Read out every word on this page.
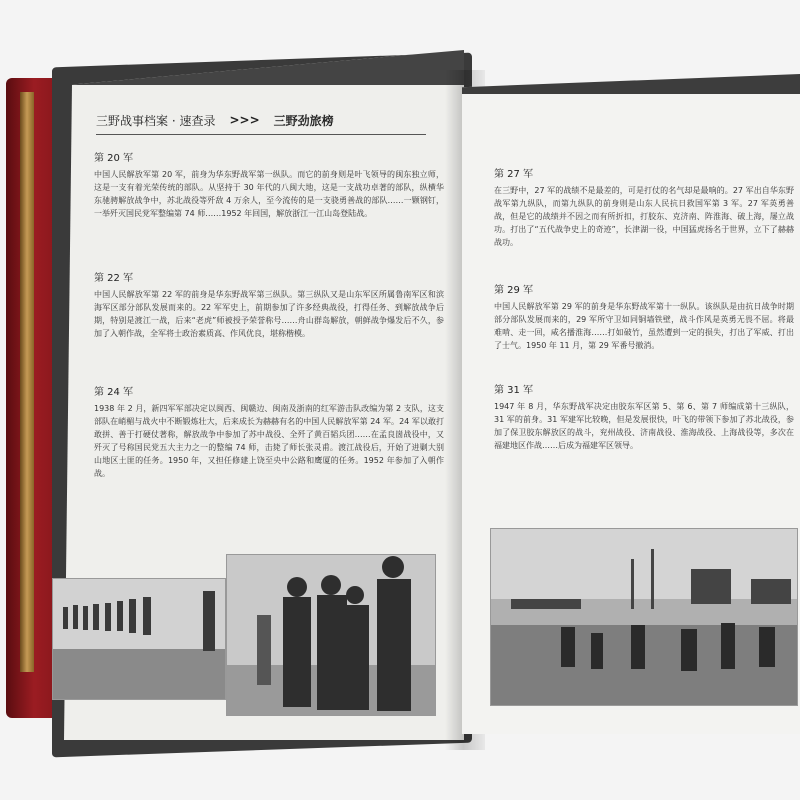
三野战事档案 · 速查录 >>> 三野劲旅榜
第 20 军
中国人民解放军第 20 军，前身为华东野战军第一纵队。而它的前身则是叶飞领导的闽东独立师，这是一支有着光荣传统的部队。从坚持于 30 年代的八闽大地，这是一支战功卓著的部队，纵横华东驰骋解放战争中，苏北战役等歼敌 4 万余人，至今流传的是一支骁勇善战的部队……一颗钢钉，一举歼灭国民党军整编第 74 师……1952 年回国，解放浙江一江山岛登陆战。
第 22 军
中国人民解放军第 22 军的前身是华东野战军第三纵队。第三纵队又是山东军区所属鲁南军区和滨海军区部分部队发展而来的。22 军军史上，前期参加了许多经典战役，打得任务、到解放战争后期，特别是渡江一战，后来“老虎”师被授予荣誉称号……舟山群岛解放，朝鲜战争爆发后不久，参加了入朝作战，全军将士政治素质高、作风优良，堪称楷模。
第 24 军
1938 年 2 月，新四军军部决定以闽西、闽赣边、闽南及浙南的红军游击队改编为第 2 支队，这支部队在峭楣与战火中不断锻炼壮大，后来成长为赫赫有名的中国人民解放军第 24 军。24 军以敢打敢拼、善于打硬仗著称，解放战争中参加了苏中战役、全歼了黄百韬兵团……在孟良崮战役中，又歼灭了号称国民党五大主力之一的整编 74 师，击毙了师长张灵甫。渡江战役后，开始了进剿大别山地区土匪的任务。1950 年，又担任修建上饶至央中公路和鹰厦的任务。1952 年参加了入朝作战。
第 27 军
在三野中，27 军的战绩不是最差的，可是打仗的名气却是最响的。27 军出自华东野战军第九纵队，而第九纵队的前身则是山东人民抗日救国军第 3 军。27 军英勇善战，但是它的战绩并不因之而有所折扣，打胶东、克济南、阵淮海、破上海，屡立战功。打出了“五代战争史上的奇迹”，长津湖一役，中国猛虎扬名于世界，立下了赫赫战功。
第 29 军
中国人民解放军第 29 军的前身是华东野战军第十一纵队。该纵队是由抗日战争时期部分部队发展而来的，29 军所守卫如同铜墙铁壁，战斗作风是英勇无畏不屈。将最难啃、走一回，咸名播淮海……打如破竹，虽然遭到一定的损失，打出了军威、打出了士气。1950 年 11 月，第 29 军番号撤消。
第 31 军
1947 年 8 月，华东野战军决定由胶东军区第 5、第 6、第 7 师编成第十三纵队，31 军的前身。31 军建军比较晚，但是发展很快，叶飞的带领下参加了苏北战役，参加了保卫胶东解放区的战斗，兖州战役、济南战役、淮海战役、上海战役等，多次在福建地区作战……后成为福建军区领导。
